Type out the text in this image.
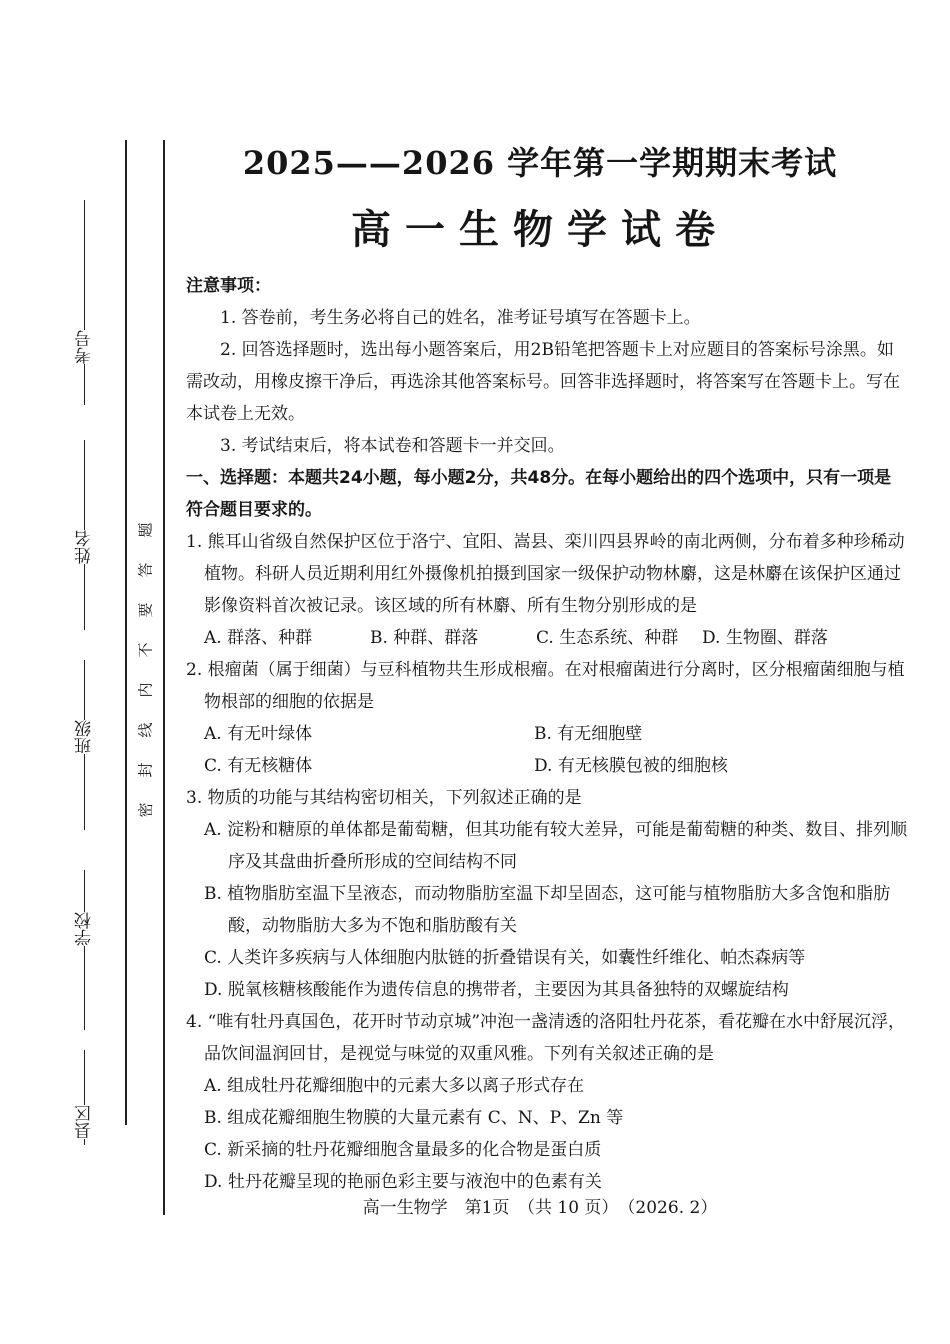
考号
姓名
班级
学校
县区
题
答
要
不
内
线
封
密
2025——2026 学年第一学期期末考试
高一生物学试卷

注意事项：

1. 答卷前，考生务必将自己的姓名，准考证号填写在答题卡上。

2. 回答选择题时，选出每小题答案后，用2B铅笔把答题卡上对应题目的答案标号涂黑。如需改动，用橡皮擦干净后，再选涂其他答案标号。回答非选择题时，将答案写在答题卡上。写在本试卷上无效。

3. 考试结束后，将本试卷和答题卡一并交回。

一、选择题：本题共24小题，每小题2分，共48分。在每小题给出的四个选项中，只有一项是符合题目要求的。

1. 熊耳山省级自然保护区位于洛宁、宜阳、嵩县、栾川四县界岭的南北两侧，分布着多种珍稀动植物。科研人员近期利用红外摄像机拍摄到国家一级保护动物林麝，这是林麝在该保护区通过影像资料首次被记录。该区域的所有林麝、所有生物分别形成的是

A. 群落、种群	B. 种群、群落	C. 生态系统、种群	D. 生物圈、群落

2. 根瘤菌（属于细菌）与豆科植物共生形成根瘤。在对根瘤菌进行分离时，区分根瘤菌细胞与植物根部的细胞的依据是

A. 有无叶绿体	B. 有无细胞壁
C. 有无核糖体	D. 有无核膜包被的细胞核

3. 物质的功能与其结构密切相关，下列叙述正确的是

A. 淀粉和糖原的单体都是葡萄糖，但其功能有较大差异，可能是葡萄糖的种类、数目、排列顺序及其盘曲折叠所形成的空间结构不同

B. 植物脂肪室温下呈液态，而动物脂肪室温下却呈固态，这可能与植物脂肪大多含饱和脂肪酸，动物脂肪大多为不饱和脂肪酸有关

C. 人类许多疾病与人体细胞内肽链的折叠错误有关，如囊性纤维化、帕杰森病等

D. 脱氧核糖核酸能作为遗传信息的携带者，主要因为其具备独特的双螺旋结构

4. “唯有牡丹真国色，花开时节动京城”冲泡一盏清透的洛阳牡丹花茶，看花瓣在水中舒展沉浮，品饮间温润回甘，是视觉与味觉的双重风雅。下列有关叙述正确的是

A. 组成牡丹花瓣细胞中的元素大多以离子形式存在

B. 组成花瓣细胞生物膜的大量元素有 C、N、P、Zn 等

C. 新采摘的牡丹花瓣细胞含量最多的化合物是蛋白质

D. 牡丹花瓣呈现的艳丽色彩主要与液泡中的色素有关

高一生物学　第1页　（共 10 页）　（2026. 2）
